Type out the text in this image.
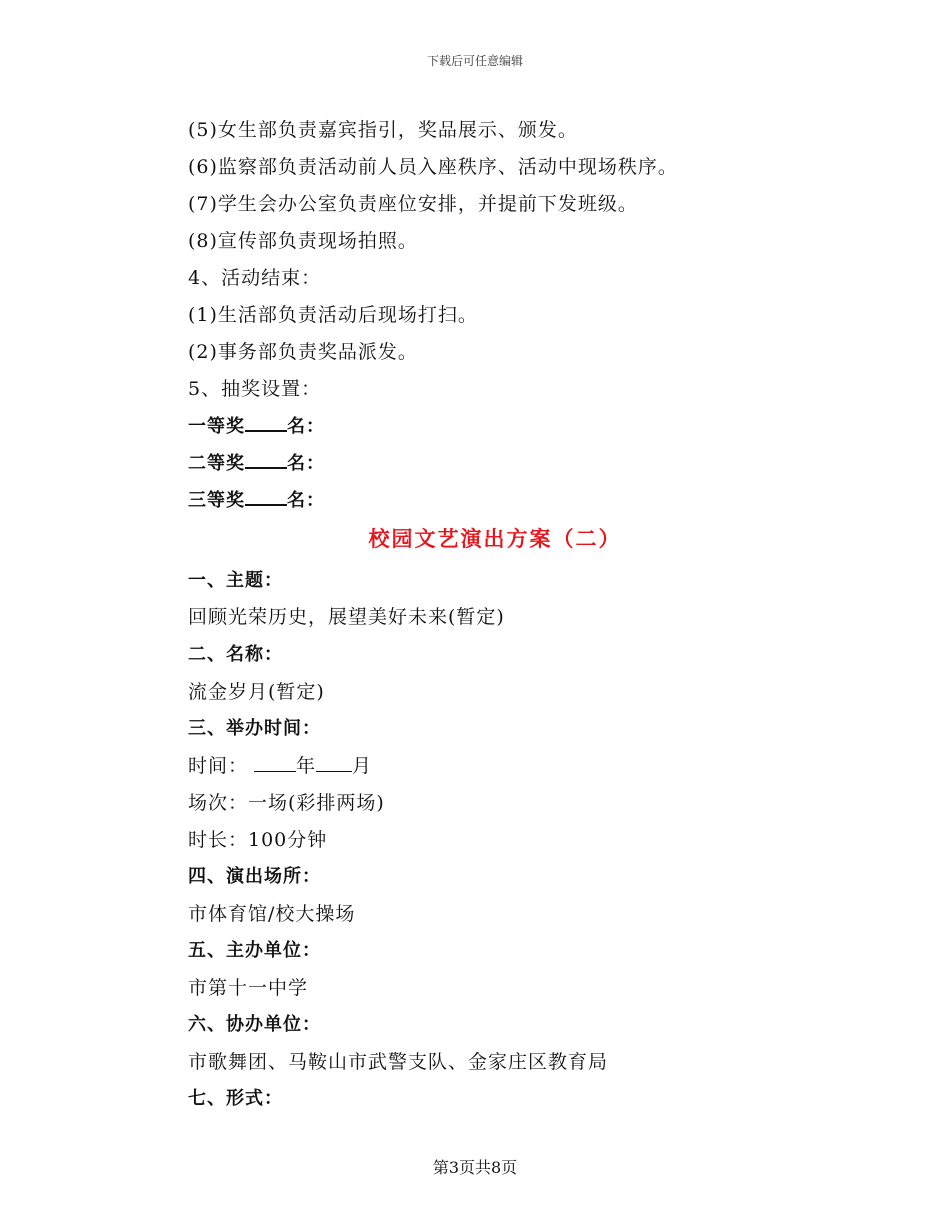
下载后可任意编辑
(5)女生部负责嘉宾指引，奖品展示、颁发。
(6)监察部负责活动前人员入座秩序、活动中现场秩序。
(7)学生会办公室负责座位安排，并提前下发班级。
(8)宣传部负责现场拍照。
4、活动结束：
(1)生活部负责活动后现场打扫。
(2)事务部负责奖品派发。
5、抽奖设置：
一等奖 名：
二等奖 名：
三等奖 名：
校园文艺演出方案（二）
一、主题：
回顾光荣历史，展望美好未来(暂定)
二、名称：
流金岁月(暂定)
三、举办时间：
时间：	年 月
场次：一场(彩排两场)
时长：100分钟
四、演出场所：
市体育馆/校大操场
五、主办单位：
市第十一中学
六、协办单位：
市歌舞团、马鞍山市武警支队、金家庄区教育局
七、形式：
第3页共8页
